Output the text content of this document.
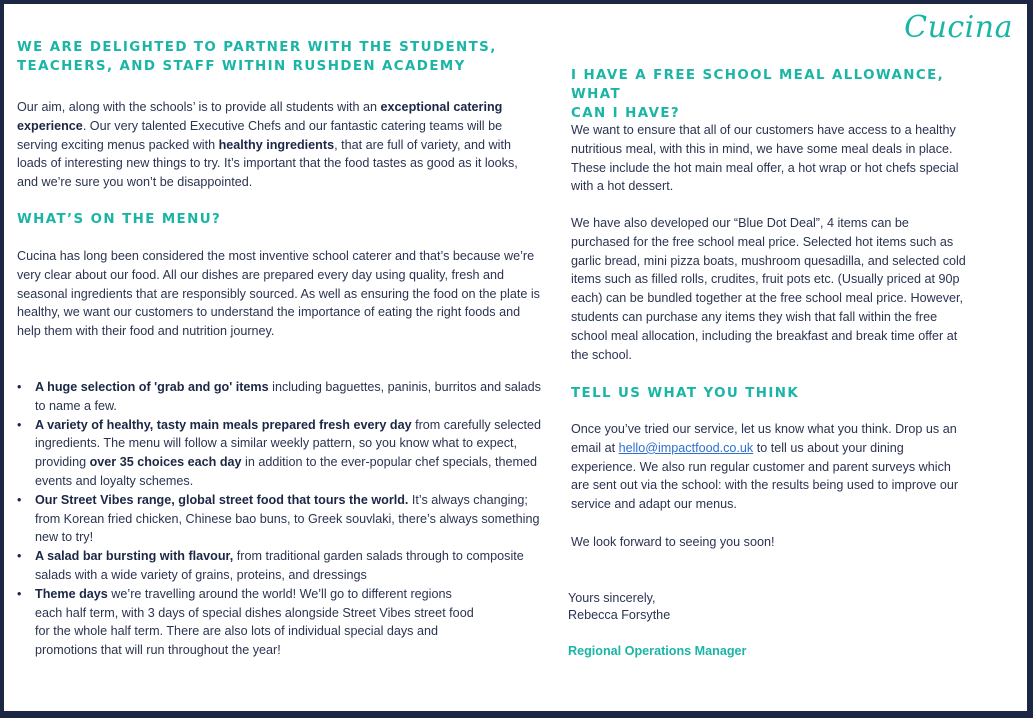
Cucina
WE ARE DELIGHTED TO PARTNER WITH THE STUDENTS,
TEACHERS, AND STAFF WITHIN RUSHDEN ACADEMY

Our aim, along with the schools’ is to provide all students with an exceptional catering experience. Our very talented Executive Chefs and our fantastic catering teams will be serving exciting menus packed with healthy ingredients, that are full of variety, and with loads of interesting new things to try. It’s important that the food tastes as good as it looks, and we’re sure you won’t be disappointed.

WHAT’S ON THE MENU?

Cucina has long been considered the most inventive school caterer and that’s because we’re very clear about our food. All our dishes are prepared every day using quality, fresh and seasonal ingredients that are responsibly sourced. As well as ensuring the food on the plate is healthy, we want our customers to understand the importance of eating the right foods and help them with their food and nutrition journey.

• A huge selection of 'grab and go' items including baguettes, paninis, burritos and salads to name a few.
• A variety of healthy, tasty main meals prepared fresh every day from carefully selected ingredients. The menu will follow a similar weekly pattern, so you know what to expect, providing over 35 choices each day in addition to the ever-popular chef specials, themed events and loyalty schemes.
• Our Street Vibes range, global street food that tours the world. It’s always changing; from Korean fried chicken, Chinese bao buns, to Greek souvlaki, there’s always something new to try!
• A salad bar bursting with flavour, from traditional garden salads through to composite salads with a wide variety of grains, proteins, and dressings
• Theme days we’re travelling around the world! We’ll go to different regions each half term, with 3 days of special dishes alongside Street Vibes street food for the whole half term. There are also lots of individual special days and promotions that will run throughout the year!
I HAVE A FREE SCHOOL MEAL ALLOWANCE, WHAT
CAN I HAVE?

We want to ensure that all of our customers have access to a healthy nutritious meal, with this in mind, we have some meal deals in place. These include the hot main meal offer, a hot wrap or hot chefs special with a hot dessert.

We have also developed our “Blue Dot Deal”, 4 items can be purchased for the free school meal price. Selected hot items such as garlic bread, mini pizza boats, mushroom quesadilla, and selected cold items such as filled rolls, crudites, fruit pots etc. (Usually priced at 90p each) can be bundled together at the free school meal price. However, students can purchase any items they wish that fall within the free school meal allocation, including the breakfast and break time offer at the school.

TELL US WHAT YOU THINK

Once you’ve tried our service, let us know what you think. Drop us an email at hello@impactfood.co.uk to tell us about your dining experience. We also run regular customer and parent surveys which are sent out via the school: with the results being used to improve our service and adapt our menus.

We look forward to seeing you soon!

Yours sincerely,
Rebecca Forsythe
Regional Operations Manager
